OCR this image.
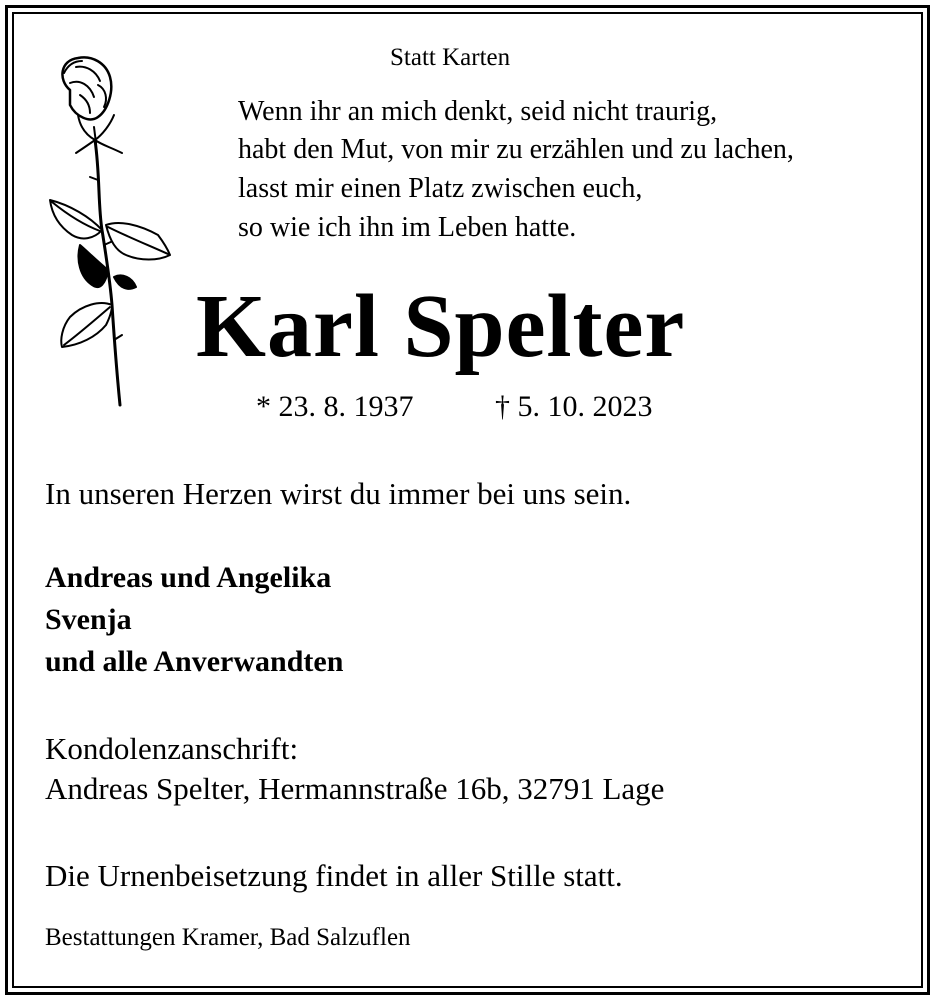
Statt Karten
Wenn ihr an mich denkt, seid nicht traurig,
habt den Mut, von mir zu erzählen und zu lachen,
lasst mir einen Platz zwischen euch,
so wie ich ihn im Leben hatte.
Karl Spelter
* 23. 8. 1937	† 5. 10. 2023
In unseren Herzen wirst du immer bei uns sein.
Andreas und Angelika
Svenja
und alle Anverwandten
Kondolenzanschrift:
Andreas Spelter, Hermannstraße 16b, 32791 Lage
Die Urnenbeisetzung findet in aller Stille statt.
Bestattungen Kramer, Bad Salzuflen
